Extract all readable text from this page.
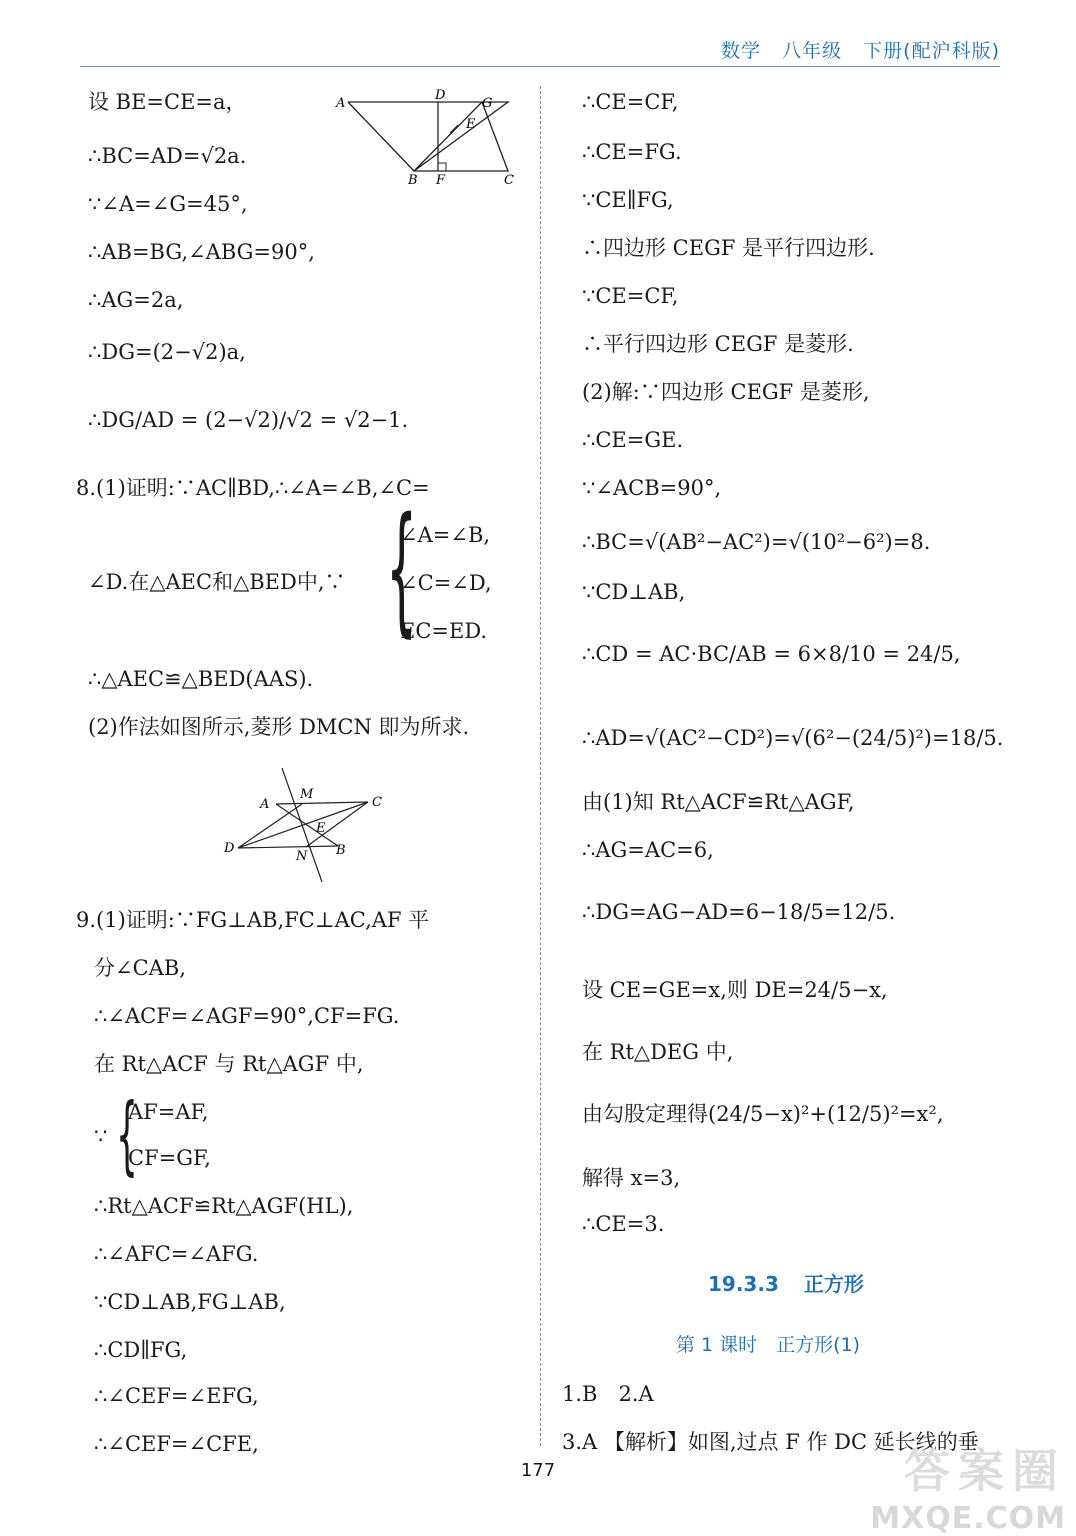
数学 八年级 下册(配沪科版)
设 BE=CE=a，	A
D
G
E
B F	C
∴BC=AD=√2a.
∵∠A=∠G=45°,
∴AB=BG,∠ABG=90°,
∴AG=2a,
∴DG=(2−√2)a,
∴DG/AD = (2−√2)/√2 = √2−1.
8.(1)证明:∵AC∥BD,∴∠A=∠B,∠C=
∠D.在△AEC和△BED中,∵ {
∠A=∠B,
∠C=∠D,
EC=ED.
∴△AEC≌△BED(AAS).
(2)作法如图所示,菱形 DMCN 即为所求.
A
M
C
E
D
N B
9.(1)证明:∵FG⊥AB,FC⊥AC,AF 平
分∠CAB,
∴∠ACF=∠AGF=90°,CF=FG.
在 Rt△ACF 与 Rt△AGF 中,
∵ {
AF=AF,
CF=GF,
∴Rt△ACF≌Rt△AGF(HL),
∴∠AFC=∠AFG.
∵CD⊥AB,FG⊥AB,
∴CD∥FG,
∴∠CEF=∠EFG,
∴∠CEF=∠CFE,
∴CE=CF,
∴CE=FG.
∵CE∥FG,
∴四边形 CEGF 是平行四边形.
∵CE=CF,
∴平行四边形 CEGF 是菱形.
(2)解:∵四边形 CEGF 是菱形,
∴CE=GE.
∵∠ACB=90°,
∴BC=√(AB²−AC²)=√(10²−6²)=8.
∵CD⊥AB,
∴CD = AC·BC/AB = 6×8/10 = 24/5,
∴AD=√(AC²−CD²)=√(6²−(24/5)²)=18/5.
由(1)知 Rt△ACF≌Rt△AGF,
∴AG=AC=6,
∴DG=AG−AD=6−18/5=12/5.
设 CE=GE=x,则 DE=24/5−x,
在 Rt△DEG 中,
由勾股定理得(24/5−x)²+(12/5)²=x²,
解得 x=3,
∴CE=3.
19.3.3 正方形
第 1 课时　正方形(1)
1.B　2.A
3.A 【解析】如图,过点 F 作 DC 延长线的垂
177	答案圈
MXQE.COM
